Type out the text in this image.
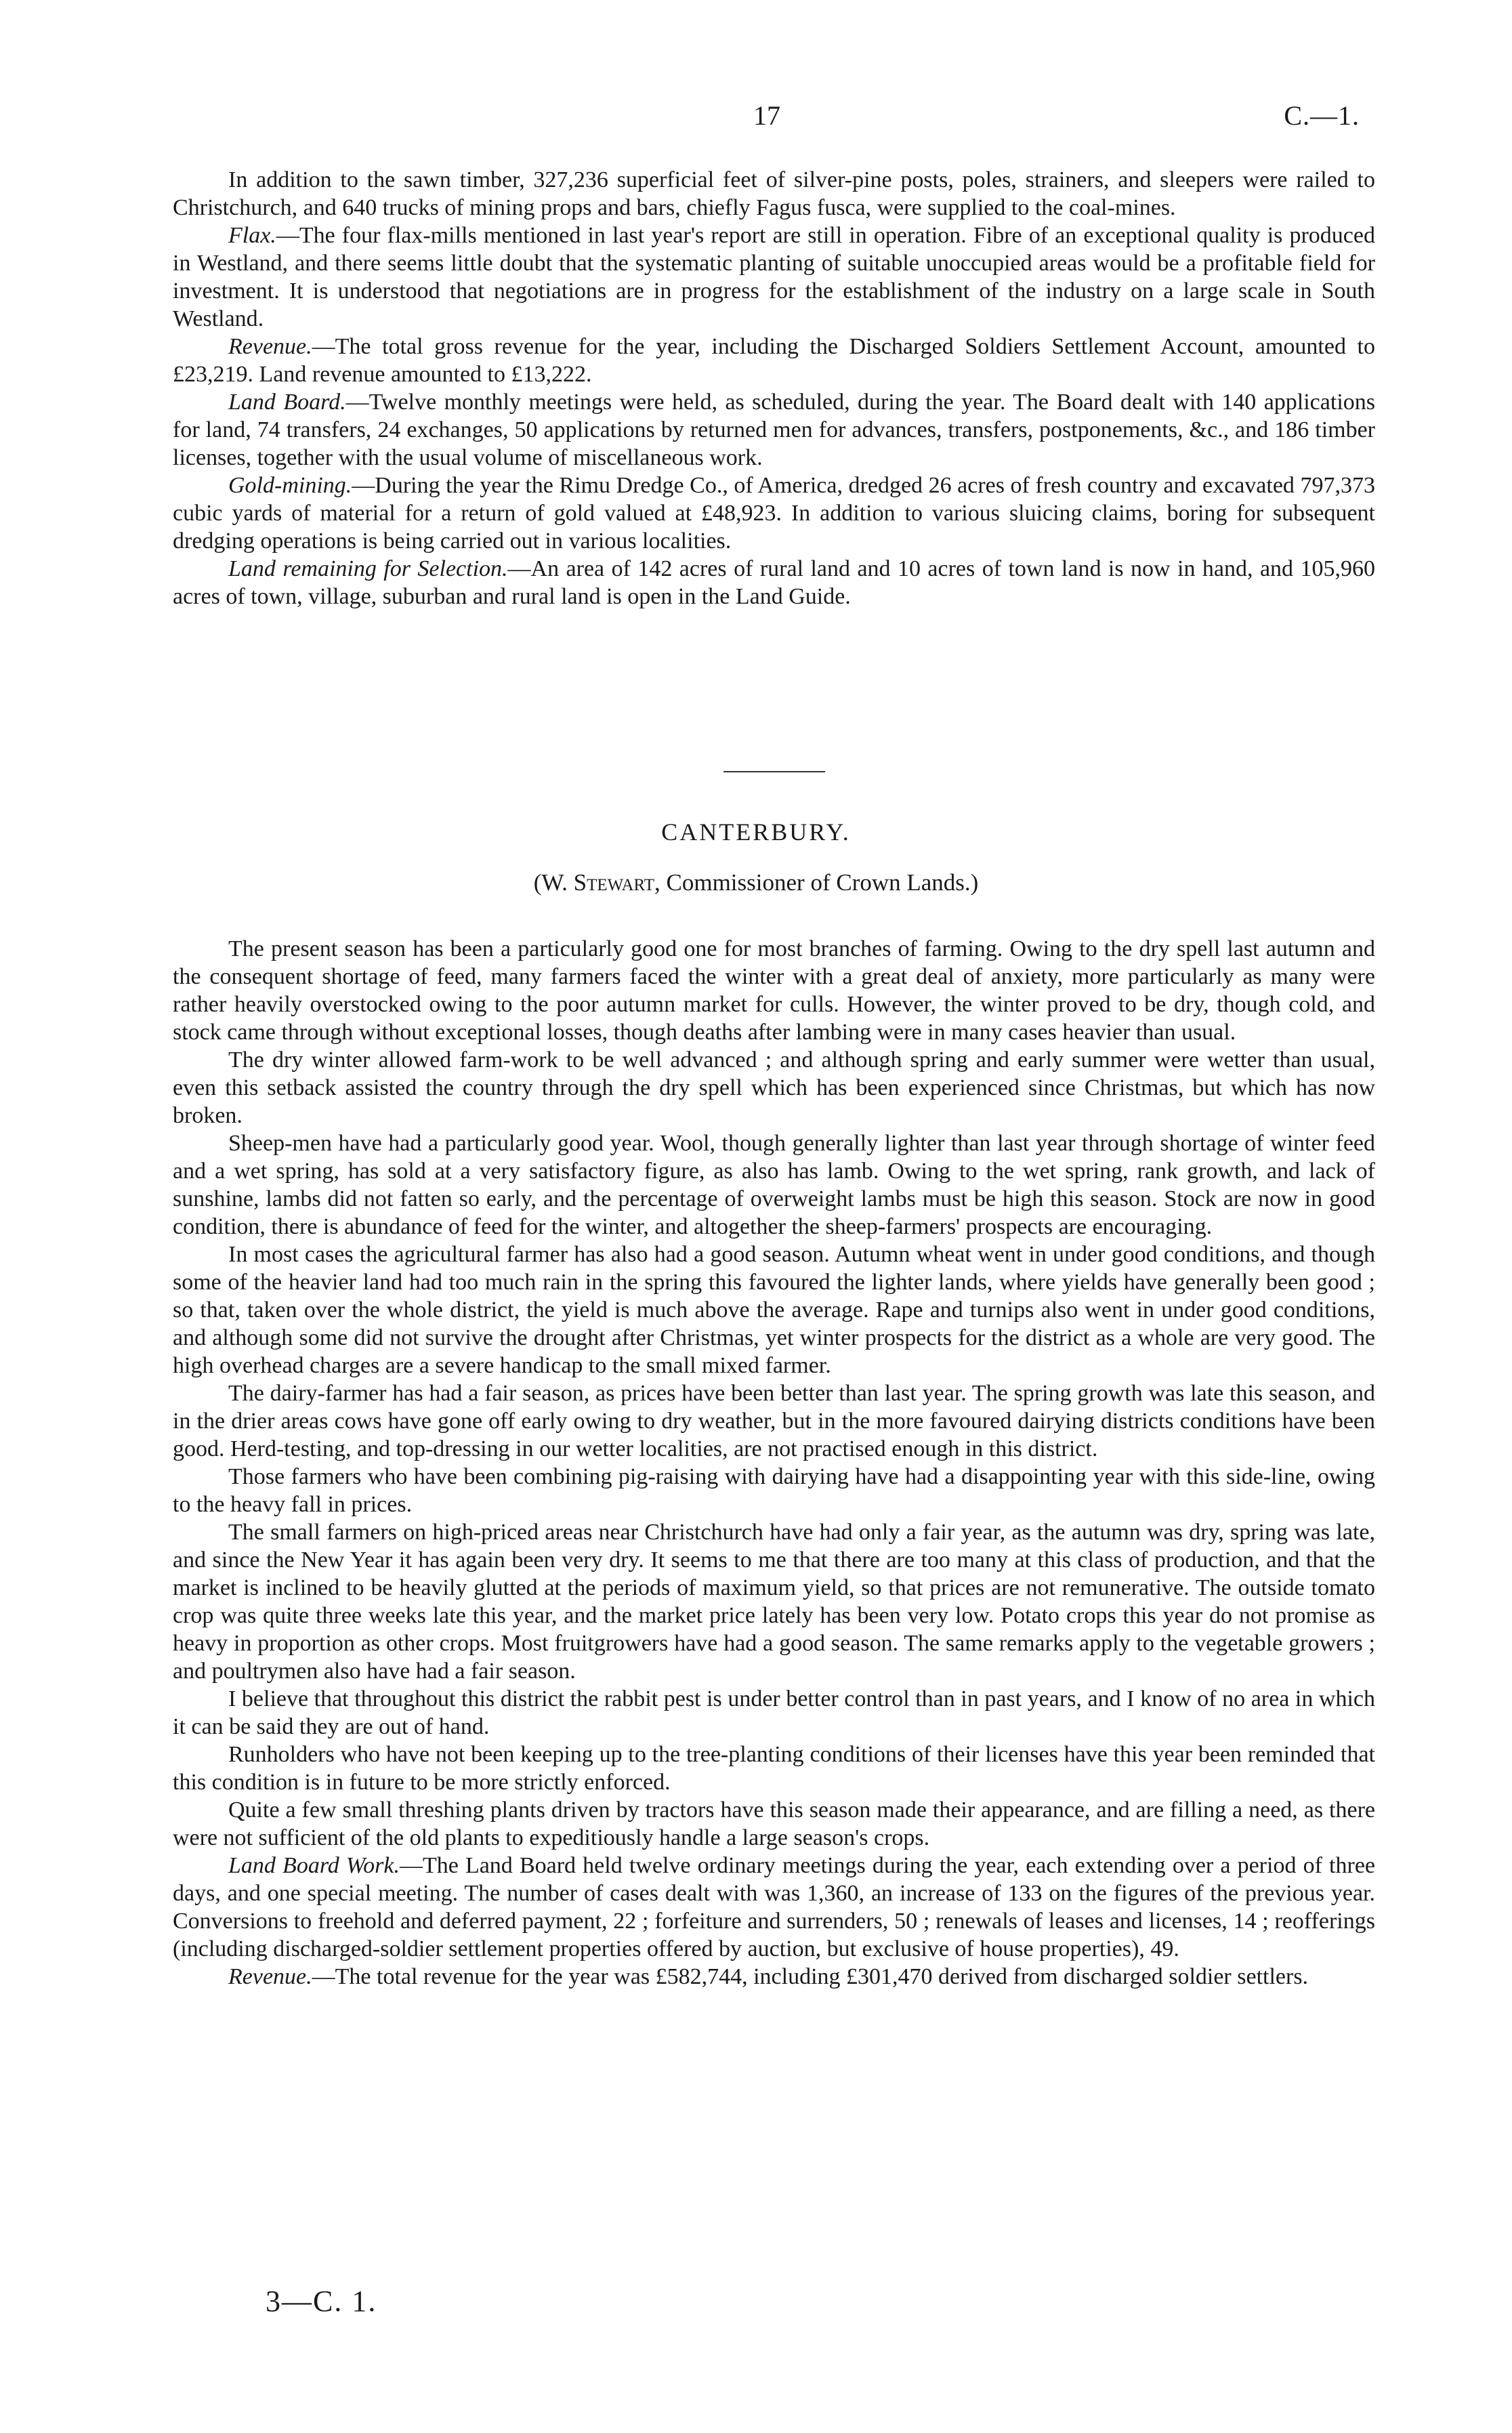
17	C.—1.

In addition to the sawn timber, 327,236 superficial feet of silver-pine posts, poles, strainers, and sleepers were railed to Christchurch, and 640 trucks of mining props and bars, chiefly Fagus fusca, were supplied to the coal-mines.

Flax.—The four flax-mills mentioned in last year's report are still in operation. Fibre of an exceptional quality is produced in Westland, and there seems little doubt that the systematic planting of suitable unoccupied areas would be a profitable field for investment. It is understood that negotiations are in progress for the establishment of the industry on a large scale in South Westland.

Revenue.—The total gross revenue for the year, including the Discharged Soldiers Settlement Account, amounted to £23,219. Land revenue amounted to £13,222.

Land Board.—Twelve monthly meetings were held, as scheduled, during the year. The Board dealt with 140 applications for land, 74 transfers, 24 exchanges, 50 applications by returned men for advances, transfers, postponements, &c., and 186 timber licenses, together with the usual volume of miscellaneous work.

Gold-mining.—During the year the Rimu Dredge Co., of America, dredged 26 acres of fresh country and excavated 797,373 cubic yards of material for a return of gold valued at £48,923. In addition to various sluicing claims, boring for subsequent dredging operations is being carried out in various localities.

Land remaining for Selection.—An area of 142 acres of rural land and 10 acres of town land is now in hand, and 105,960 acres of town, village, suburban and rural land is open in the Land Guide.

CANTERBURY.
(W. Stewart, Commissioner of Crown Lands.)

The present season has been a particularly good one for most branches of farming. Owing to the dry spell last autumn and the consequent shortage of feed, many farmers faced the winter with a great deal of anxiety, more particularly as many were rather heavily overstocked owing to the poor autumn market for culls. However, the winter proved to be dry, though cold, and stock came through without exceptional losses, though deaths after lambing were in many cases heavier than usual.

The dry winter allowed farm-work to be well advanced ; and although spring and early summer were wetter than usual, even this setback assisted the country through the dry spell which has been experienced since Christmas, but which has now broken.

Sheep-men have had a particularly good year. Wool, though generally lighter than last year through shortage of winter feed and a wet spring, has sold at a very satisfactory figure, as also has lamb. Owing to the wet spring, rank growth, and lack of sunshine, lambs did not fatten so early, and the percentage of overweight lambs must be high this season. Stock are now in good condition, there is abundance of feed for the winter, and altogether the sheep-farmers' prospects are encouraging.

In most cases the agricultural farmer has also had a good season. Autumn wheat went in under good conditions, and though some of the heavier land had too much rain in the spring this favoured the lighter lands, where yields have generally been good ; so that, taken over the whole district, the yield is much above the average. Rape and turnips also went in under good conditions, and although some did not survive the drought after Christmas, yet winter prospects for the district as a whole are very good. The high overhead charges are a severe handicap to the small mixed farmer.

The dairy-farmer has had a fair season, as prices have been better than last year. The spring growth was late this season, and in the drier areas cows have gone off early owing to dry weather, but in the more favoured dairying districts conditions have been good. Herd-testing, and top-dressing in our wetter localities, are not practised enough in this district.

Those farmers who have been combining pig-raising with dairying have had a disappointing year with this side-line, owing to the heavy fall in prices.

The small farmers on high-priced areas near Christchurch have had only a fair year, as the autumn was dry, spring was late, and since the New Year it has again been very dry. It seems to me that there are too many at this class of production, and that the market is inclined to be heavily glutted at the periods of maximum yield, so that prices are not remunerative. The outside tomato crop was quite three weeks late this year, and the market price lately has been very low. Potato crops this year do not promise as heavy in proportion as other crops. Most fruitgrowers have had a good season. The same remarks apply to the vegetable growers ; and poultrymen also have had a fair season.

I believe that throughout this district the rabbit pest is under better control than in past years, and I know of no area in which it can be said they are out of hand.

Runholders who have not been keeping up to the tree-planting conditions of their licenses have this year been reminded that this condition is in future to be more strictly enforced.

Quite a few small threshing plants driven by tractors have this season made their appearance, and are filling a need, as there were not sufficient of the old plants to expeditiously handle a large season's crops.

Land Board Work.—The Land Board held twelve ordinary meetings during the year, each extending over a period of three days, and one special meeting. The number of cases dealt with was 1,360, an increase of 133 on the figures of the previous year. Conversions to freehold and deferred payment, 22 ; forfeiture and surrenders, 50 ; renewals of leases and licenses, 14 ; reofferings (including discharged-soldier settlement properties offered by auction, but exclusive of house properties), 49.

Revenue.—The total revenue for the year was £582,744, including £301,470 derived from discharged soldier settlers.

3—C. 1.
